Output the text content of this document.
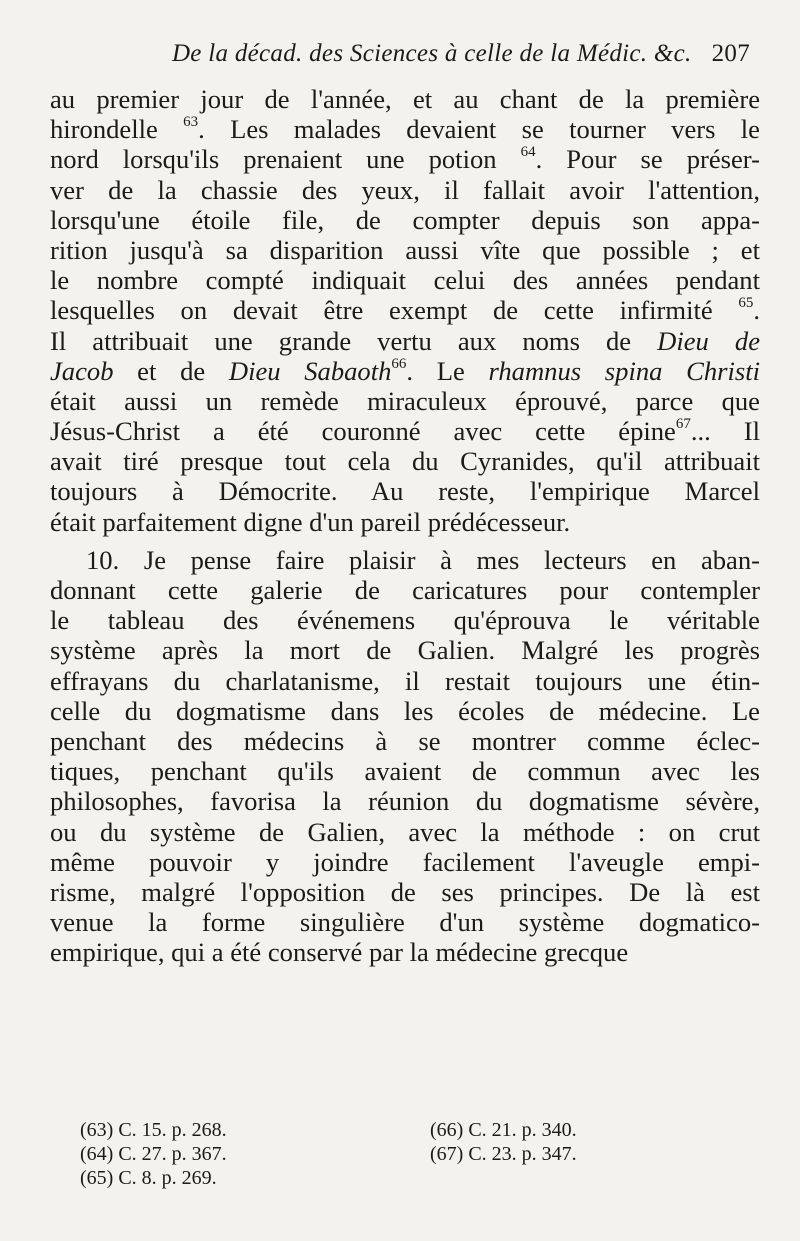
De la décad. des Sciences à celle de la Médic. &c. 207
au premier jour de l'année, et au chant de la première
hirondelle $^{63}$. Les malades devaient se tourner vers le
nord lorsqu'ils prenaient une potion $^{64}$. Pour se préser-
ver de la chassie des yeux, il fallait avoir l'attention,
lorsqu'une étoile file, de compter depuis son appa-
rition jusqu'à sa disparition aussi vîte que possible ; et
le nombre compté indiquait celui des années pendant
lesquelles on devait être exempt de cette infirmité $^{65}$.
Il attribuait une grande vertu aux noms de Dieu de
Jacob et de Dieu Sabaoth$^{66}$. Le rhamnus spina Christi
était aussi un remède miraculeux éprouvé, parce que
Jésus-Christ a été couronné avec cette épine$^{67}$... Il
avait tiré presque tout cela du Cyranides, qu'il attribuait
toujours à Démocrite. Au reste, l'empirique Marcel
était parfaitement digne d'un pareil prédécesseur.
10. Je pense faire plaisir à mes lecteurs en aban-
donnant cette galerie de caricatures pour contempler
le tableau des événemens qu'éprouva le véritable
système après la mort de Galien. Malgré les progrès
effrayans du charlatanisme, il restait toujours une étin-
celle du dogmatisme dans les écoles de médecine. Le
penchant des médecins à se montrer comme éclec-
tiques, penchant qu'ils avaient de commun avec les
philosophes, favorisa la réunion du dogmatisme sévère,
ou du système de Galien, avec la méthode : on crut
même pouvoir y joindre facilement l'aveugle empi-
risme, malgré l'opposition de ses principes. De là est
venue la forme singulière d'un système dogmatico-
empirique, qui a été conservé par la médecine grecque
(63) C. 15. p. 268.	(66) C. 21. p. 340.
(64) C. 27. p. 367.	(67) C. 23. p. 347.
(65) C. 8. p. 269.
